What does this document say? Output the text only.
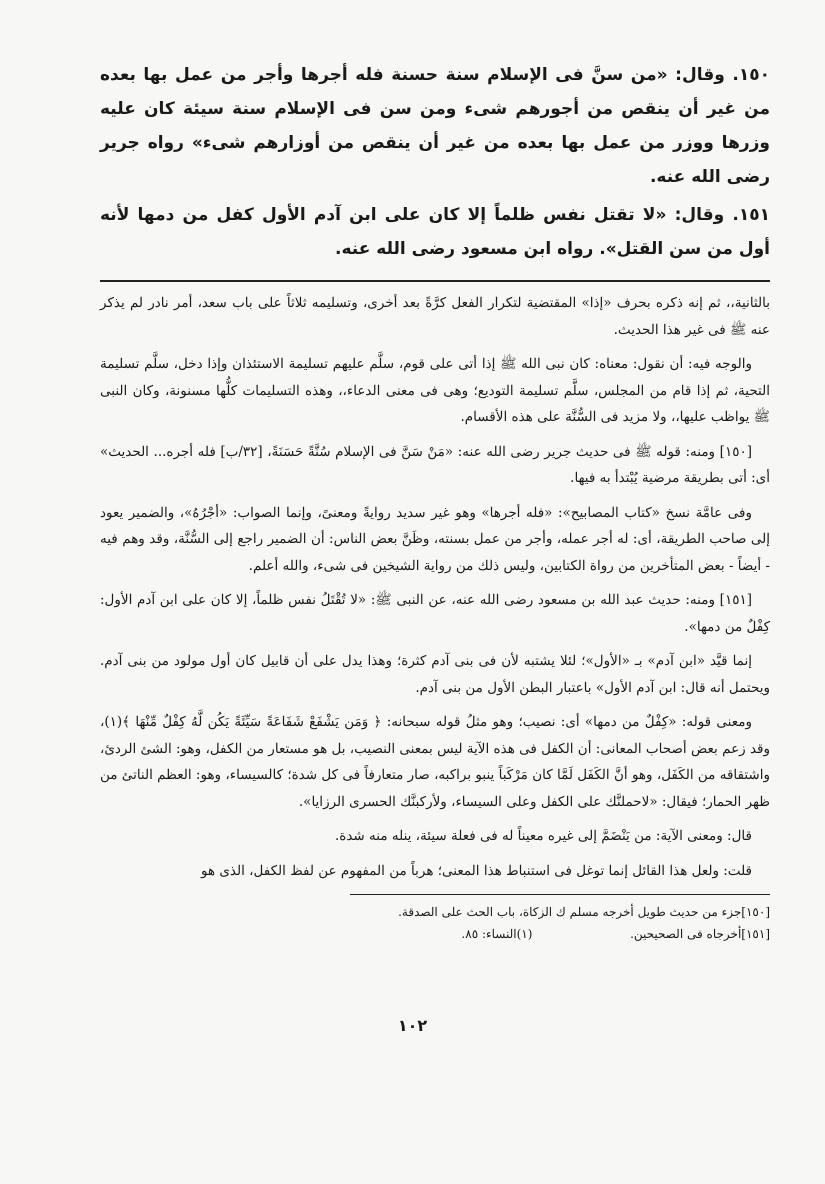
١٥٠. وقال: «من سنَّ فى الإسلام سنة حسنة فله أجرها وأجر من عمل بها بعده من غير أن ينقص من أجورهم شىء ومن سن فى الإسلام سنة سيئة كان عليه وزرها ووزر من عمل بها بعده من غير أن ينقص من أوزارهم شىء» رواه جرير رضى الله عنه.

١٥١. وقال: «لا تقتل نفس ظلماً إلا كان على ابن آدم الأول كفل من دمها لأنه أول من سن القتل». رواه ابن مسعود رضى الله عنه.

بالثانية،، ثم إنه ذكره بحرف «إذا» المقتضية لتكرار الفعل كرَّةً بعد أخرى، وتسليمه ثلاثاً على باب سعد، أمر نادر لم يذكر عنه ﷺ فى غير هذا الحديث.

والوجه فيه: أن نقول: معناه: كان نبى الله ﷺ إذا أتى على قوم، سلَّم عليهم تسليمة الاستئذان وإذا دخل، سلَّم تسليمة التحية، ثم إذا قام من المجلس، سلَّم تسليمة التوديع؛ وهى فى معنى الدعاء،، وهذه التسليمات كلُّها مسنونة، وكان النبى ﷺ يواظب عليها،، ولا مزيد فى السُّنَّة على هذه الأقسام.

[١٥٠] ومنه: قوله ﷺ فى حديث جرير رضى الله عنه: «مَنْ سَنَّ فى الإسلام سُنَّةً حَسَنَةً، [٣٢/ب] فله أجره... الحديث» أى: أتى بطريقة مرضية يُبْتدأ به فيها.

وفى عامَّة نسخ «كتاب المصابيح»: «فله أجرها» وهو غير سديد روايةً ومعنىً، وإنما الصواب: «أجْرُهُ»، والضمير يعود إلى صاحب الطريقة، أى: له أجر عمله، وأجر من عمل بسنته، وظَنَّ بعض الناس: أن الضمير راجع إلى السُّنَّة، وقد وهم فيه - أيضاً - بعض المتأخرين من رواة الكتابين، وليس ذلك من رواية الشيخين فى شىء، والله أعلم.

[١٥١] ومنه: حديث عبد الله بن مسعود رضى الله عنه، عن النبى ﷺ: «لا تُقْتَلُ نفس ظلماً، إلا كان على ابن آدم الأول: كِفْلٌ من دمها».

إنما قيَّد «ابن آدم» بـ «الأول»؛ لئلا يشتبه لأن فى بنى آدم كثرة؛ وهذا يدل على أن قابيل كان أول مولود من بنى آدم. ويحتمل أنه قال: ابن آدم الأول» باعتبار البطن الأول من بنى آدم.

ومعنى قوله: «كِفْلٌ من دمها» أى: نصيب؛ وهو مثلُ قوله سبحانه: ﴿ وَمَن يَشْفَعْ شَفَاعَةً سَيِّئَةً يَكُن لَّهُ كِفْلٌ مِّنْهَا ﴾(١)، وقد زعم بعض أصحاب المعانى: أن الكفل فى هذه الآية ليس بمعنى النصيب، بل هو مستعار من الكفل، وهو: الشئ الردئ، واشتقاقه من الكَفَل، وهو أنَّ الكَفَل لَمَّا كان مَرْكَباً ينبو براكبه، صار متعارفاً فى كل شدة؛ كالسيساء، وهو: العظم الناتئ من ظهر الحمار؛ فيقال: «لاحملنَّك على الكفل وعلى السيساء، ولأركبنَّك الحسرى الرزايا».

قال: ومعنى الآية: من يَنْضَمَّ إلى غيره معيناً له فى فعلة سيئة، ينله منه شدة.

قلت: ولعل هذا القائل إنما توغل فى استنباط هذا المعنى؛ هرباً من المفهوم عن لفظ الكفل، الذى هو

[١٥٠]جزء من حديث طويل أخرجه مسلم ك الزكاة، باب الحث على الصدقة.

[١٥١]أخرجاه فى الصحيحين.  (١)النساء: ٨٥.

١٠٢
